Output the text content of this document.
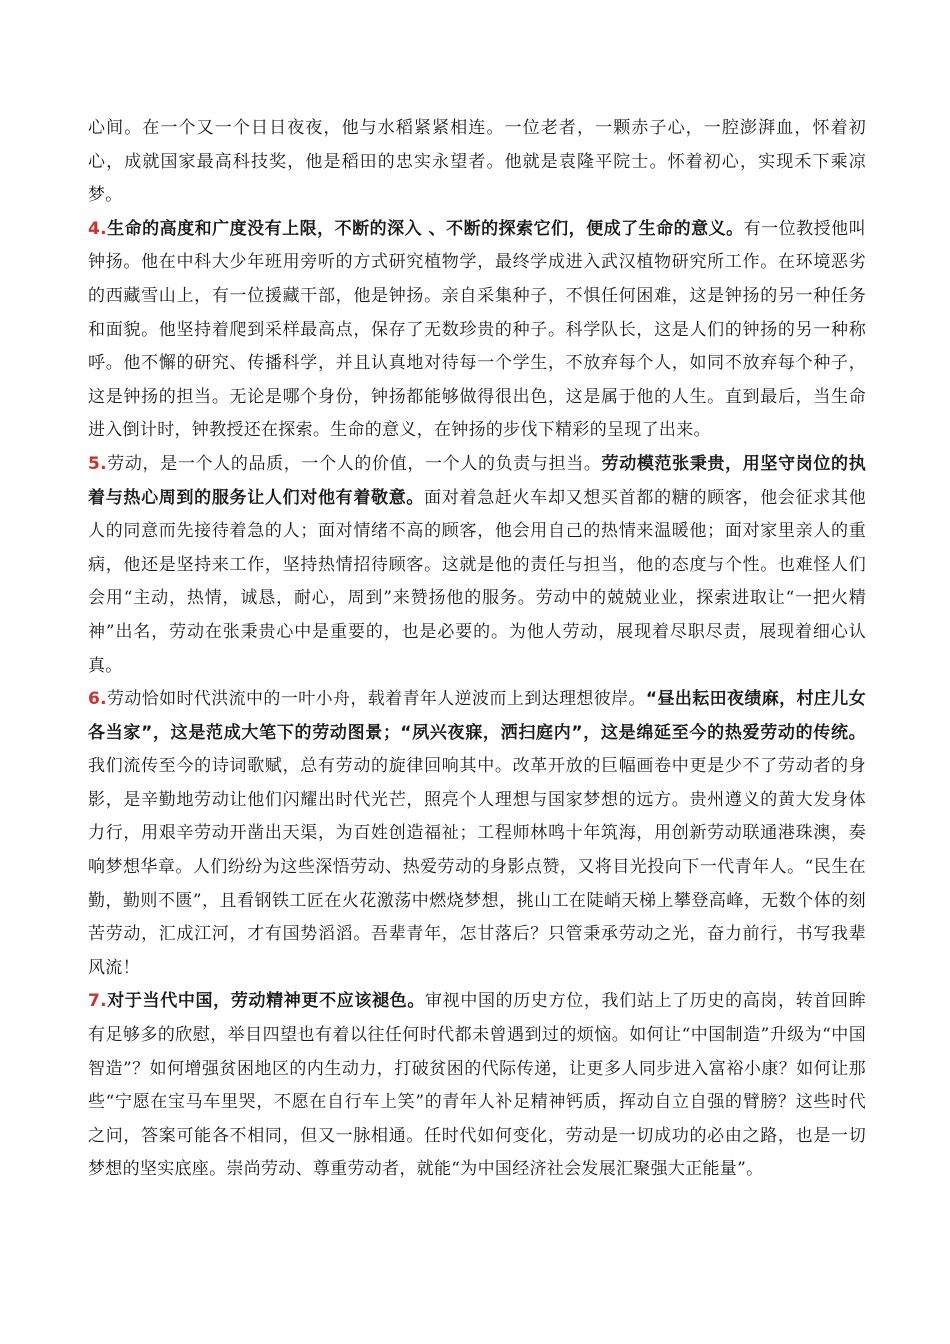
心间。在一个又一个日日夜夜，他与水稻紧紧相连。一位老者，一颗赤子心，一腔澎湃血，怀着初心，成就国家最高科技奖，他是稻田的忠实永望者。他就是袁隆平院士。怀着初心，实现禾下乘凉梦。

4.生命的高度和广度没有上限，不断的深入 、不断的探索它们，便成了生命的意义。有一位教授他叫钟扬。他在中科大少年班用旁听的方式研究植物学，最终学成进入武汉植物研究所工作。在环境恶劣的西藏雪山上，有一位援藏干部，他是钟扬。亲自采集种子，不惧任何困难，这是钟扬的另一种任务和面貌。他坚持着爬到采样最高点，保存了无数珍贵的种子。科学队长，这是人们的钟扬的另一种称呼。他不懈的研究、传播科学，并且认真地对待每一个学生，不放弃每个人，如同不放弃每个种子，这是钟扬的担当。无论是哪个身份，钟扬都能够做得很出色，这是属于他的人生。直到最后，当生命进入倒计时，钟教授还在探索。生命的意义，在钟扬的步伐下精彩的呈现了出来。

5.劳动，是一个人的品质，一个人的价值，一个人的负责与担当。劳动模范张秉贵，用坚守岗位的执着与热心周到的服务让人们对他有着敬意。面对着急赶火车却又想买首都的糖的顾客，他会征求其他人的同意而先接待着急的人；面对情绪不高的顾客，他会用自己的热情来温暖他；面对家里亲人的重病，他还是坚持来工作，坚持热情招待顾客。这就是他的责任与担当，他的态度与个性。也难怪人们会用“主动，热情，诚恳，耐心，周到”来赞扬他的服务。劳动中的兢兢业业，探索进取让“一把火精神”出名，劳动在张秉贵心中是重要的，也是必要的。为他人劳动，展现着尽职尽责，展现着细心认真。

6.劳动恰如时代洪流中的一叶小舟，载着青年人逆波而上到达理想彼岸。“昼出耘田夜绩麻，村庄儿女各当家”，这是范成大笔下的劳动图景；“夙兴夜寐，洒扫庭内”，这是绵延至今的热爱劳动的传统。我们流传至今的诗词歌赋，总有劳动的旋律回响其中。改革开放的巨幅画卷中更是少不了劳动者的身影，是辛勤地劳动让他们闪耀出时代光芒，照亮个人理想与国家梦想的远方。贵州遵义的黄大发身体力行，用艰辛劳动开凿出天渠，为百姓创造福祉；工程师林鸣十年筑海，用创新劳动联通港珠澳，奏响梦想华章。人们纷纷为这些深悟劳动、热爱劳动的身影点赞，又将目光投向下一代青年人。“民生在勤，勤则不匮”，且看钢铁工匠在火花激荡中燃烧梦想，挑山工在陡峭天梯上攀登高峰，无数个体的刻苦劳动，汇成江河，才有国势滔滔。吾辈青年，怎甘落后？只管秉承劳动之光，奋力前行，书写我辈风流！

7.对于当代中国，劳动精神更不应该褪色。审视中国的历史方位，我们站上了历史的高岗，转首回眸有足够多的欣慰，举目四望也有着以往任何时代都未曾遇到过的烦恼。如何让“中国制造”升级为“中国智造”？如何增强贫困地区的内生动力，打破贫困的代际传递，让更多人同步进入富裕小康？如何让那些“宁愿在宝马车里哭，不愿在自行车上笑”的青年人补足精神钙质，挥动自立自强的臂膀？这些时代之问，答案可能各不相同，但又一脉相通。任时代如何变化，劳动是一切成功的必由之路，也是一切梦想的坚实底座。崇尚劳动、尊重劳动者，就能“为中国经济社会发展汇聚强大正能量”。
